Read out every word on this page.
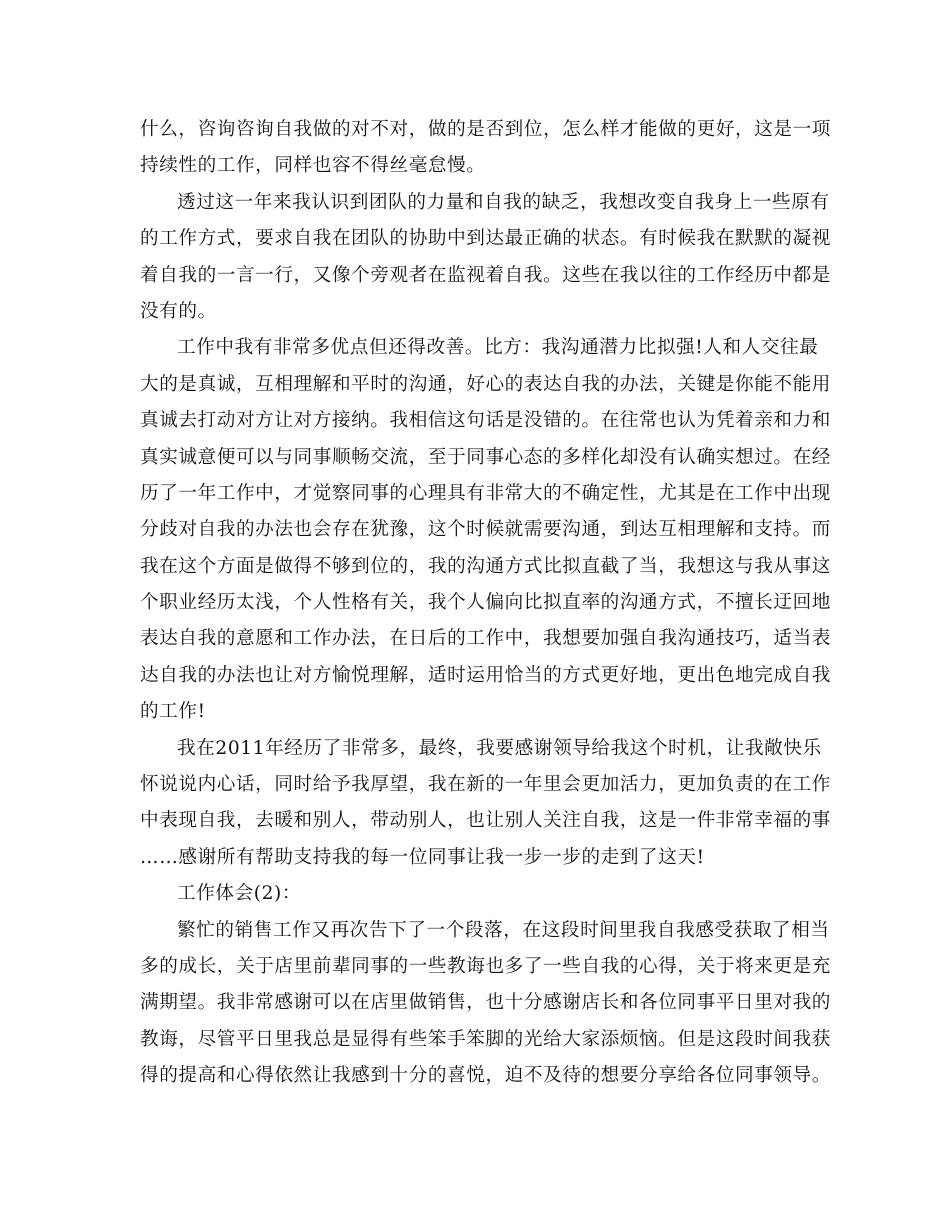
什么，咨询咨询自我做的对不对，做的是否到位，怎么样才能做的更好，这是一项
持续性的工作，同样也容不得丝毫怠慢。
透过这一年来我认识到团队的力量和自我的缺乏，我想改变自我身上一些原有
的工作方式，要求自我在团队的协助中到达最正确的状态。有时候我在默默的凝视
着自我的一言一行，又像个旁观者在监视着自我。这些在我以往的工作经历中都是
没有的。
工作中我有非常多优点但还得改善。比方：我沟通潜力比拟强!人和人交往最
大的是真诚，互相理解和平时的沟通，好心的表达自我的办法，关键是你能不能用
真诚去打动对方让对方接纳。我相信这句话是没错的。在往常也认为凭着亲和力和
真实诚意便可以与同事顺畅交流，至于同事心态的多样化却没有认确实想过。在经
历了一年工作中，才觉察同事的心理具有非常大的不确定性，尤其是在工作中出现
分歧对自我的办法也会存在犹豫，这个时候就需要沟通，到达互相理解和支持。而
我在这个方面是做得不够到位的，我的沟通方式比拟直截了当，我想这与我从事这
个职业经历太浅，个人性格有关，我个人偏向比拟直率的沟通方式，不擅长迂回地
表达自我的意愿和工作办法，在日后的工作中，我想要加强自我沟通技巧，适当表
达自我的办法也让对方愉悦理解，适时运用恰当的方式更好地，更出色地完成自我
的工作!
我在2011年经历了非常多，最终，我要感谢领导给我这个时机，让我敞快乐
怀说说内心话，同时给予我厚望，我在新的一年里会更加活力，更加负责的在工作
中表现自我，去暖和别人，带动别人，也让别人关注自我，这是一件非常幸福的事
……感谢所有帮助支持我的每一位同事让我一步一步的走到了这天!
工作体会(2)：
繁忙的销售工作又再次告下了一个段落，在这段时间里我自我感受获取了相当
多的成长，关于店里前辈同事的一些教诲也多了一些自我的心得，关于将来更是充
满期望。我非常感谢可以在店里做销售，也十分感谢店长和各位同事平日里对我的
教诲，尽管平日里我总是显得有些笨手笨脚的光给大家添烦恼。但是这段时间我获
得的提高和心得依然让我感到十分的喜悦，迫不及待的想要分享给各位同事领导。
